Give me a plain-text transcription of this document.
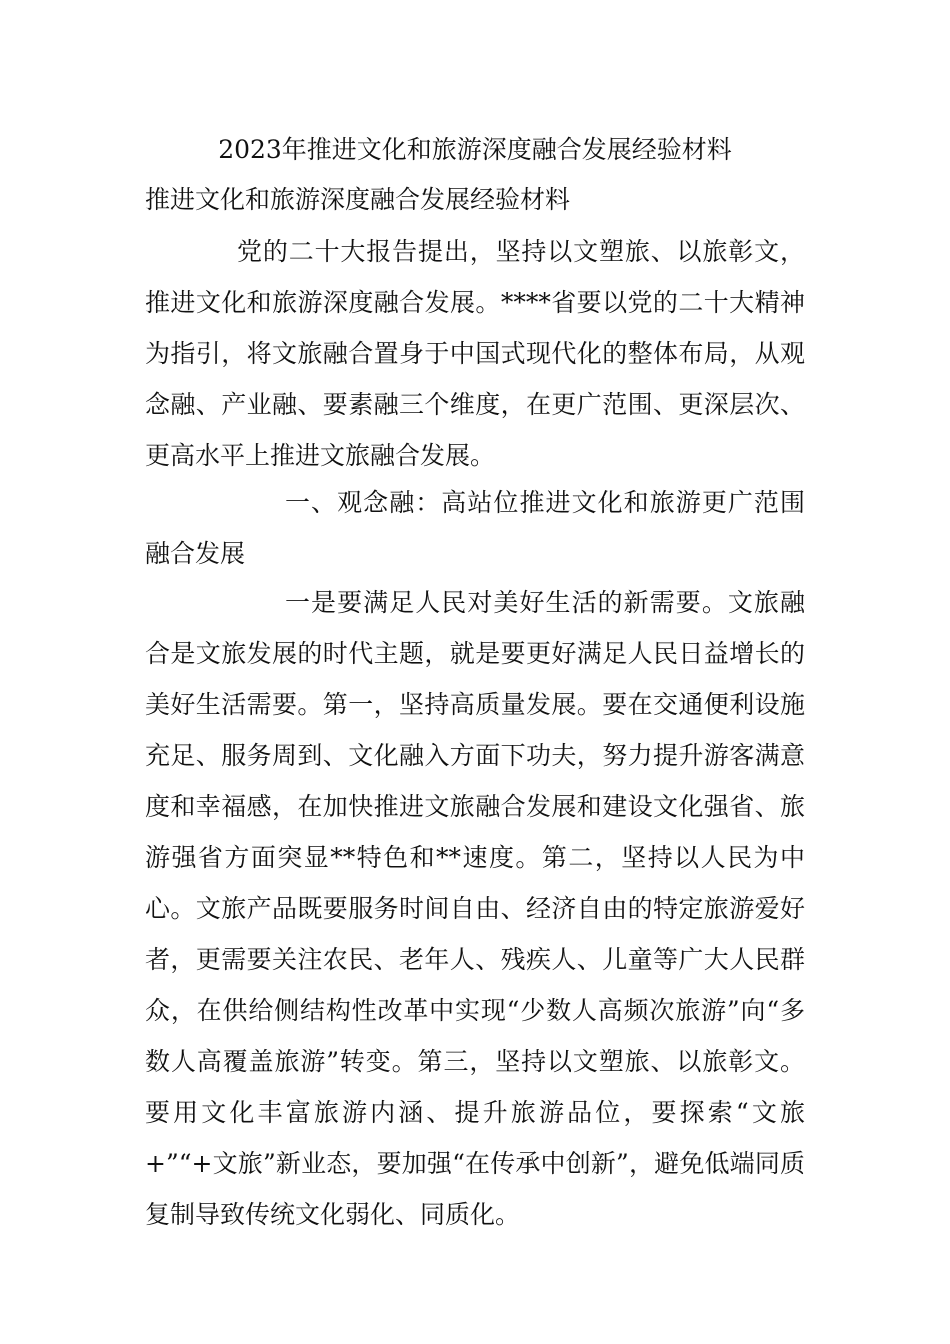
2023年推进文化和旅游深度融合发展经验材料
推进文化和旅游深度融合发展经验材料

党的二十大报告提出，坚持以文塑旅、以旅彰文，推进文化和旅游深度融合发展。****省要以党的二十大精神为指引，将文旅融合置身于中国式现代化的整体布局，从观念融、产业融、要素融三个维度，在更广范围、更深层次、更高水平上推进文旅融合发展。

一、观念融：高站位推进文化和旅游更广范围融合发展

一是要满足人民对美好生活的新需要。文旅融合是文旅发展的时代主题，就是要更好满足人民日益增长的美好生活需要。第一，坚持高质量发展。要在交通便利设施充足、服务周到、文化融入方面下功夫，努力提升游客满意度和幸福感，在加快推进文旅融合发展和建设文化强省、旅游强省方面突显**特色和**速度。第二，坚持以人民为中心。文旅产品既要服务时间自由、经济自由的特定旅游爱好者，更需要关注农民、老年人、残疾人、儿童等广大人民群众，在供给侧结构性改革中实现“少数人高频次旅游”向“多数人高覆盖旅游”转变。第三，坚持以文塑旅、以旅彰文。要用文化丰富旅游内涵、提升旅游品位，要探索“文旅+”“+文旅”新业态，要加强“在传承中创新”，避免低端同质复制导致传统文化弱化、同质化。
